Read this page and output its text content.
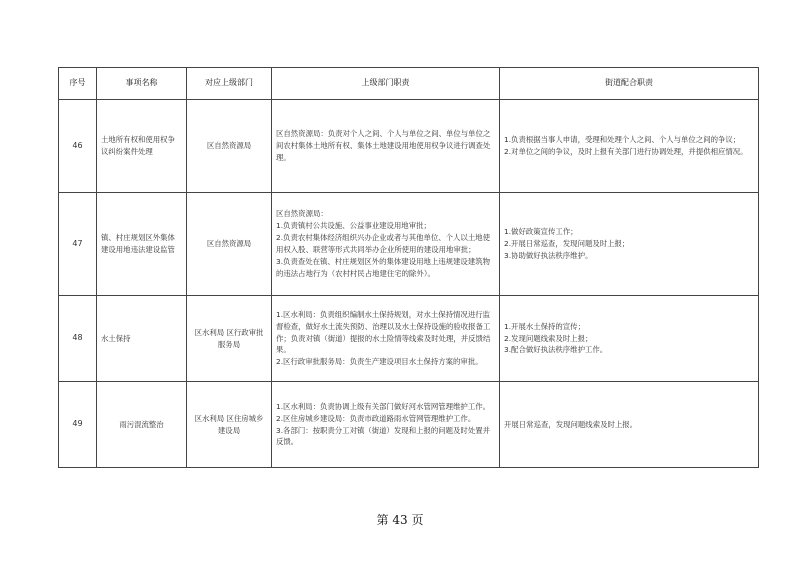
序号	事项名称	对应上级部门	上级部门职责	街道配合职责
46	土地所有权和使用权争议纠纷案件处理	区自然资源局	区自然资源局：负责对个人之间、个人与单位之间、单位与单位之间农村集体土地所有权、集体土地建设用地使用权争议进行调查处理。	1.负责根据当事人申请，受理和处理个人之间、个人与单位之间的争议；
2.对单位之间的争议，及时上报有关部门进行协调处理，并提供相应情况。

47	镇、村庄规划区外集体建设用地违法建设监管	区自然资源局	区自然资源局：
1.负责镇村公共设施、公益事业建设用地审批；
2.负责农村集体经济组织兴办企业或者与其他单位、个人以土地使用权入股、联营等形式共同举办企业所使用的建设用地审批；
3.负责查处在镇、村庄规划区外的集体建设用地上违规建设建筑物的违法占地行为（农村村民占地建住宅的除外）。	1.做好政策宣传工作；
2.开展日常巡查，发现问题及时上报；
3.协助做好执法秩序维护。

48	水土保持	区水利局 区行政审批服务局	1.区水利局：负责组织编制水土保持规划，对水土保持情况进行监督检查，做好水土流失预防、治理以及水土保持设施的验收报备工作；负责对镇（街道）提报的水土险情等线索及时处理，并反馈结果。
2.区行政审批服务局：负责生产建设项目水土保持方案的审批。	1.开展水土保持的宣传；
2.发现问题线索及时上报；
3.配合做好执法秩序维护工作。

49	雨污混流整治	区水利局 区住房城乡建设局	1.区水利局：负责协调上级有关部门做好河水管网管理维护工作。
2.区住房城乡建设局：负责市政道路雨水管网管理维护工作。
3.各部门：按职责分工对镇（街道）发现和上报的问题及时处置并反馈。	开展日常巡查，发现问题线索及时上报。
第 43 页
